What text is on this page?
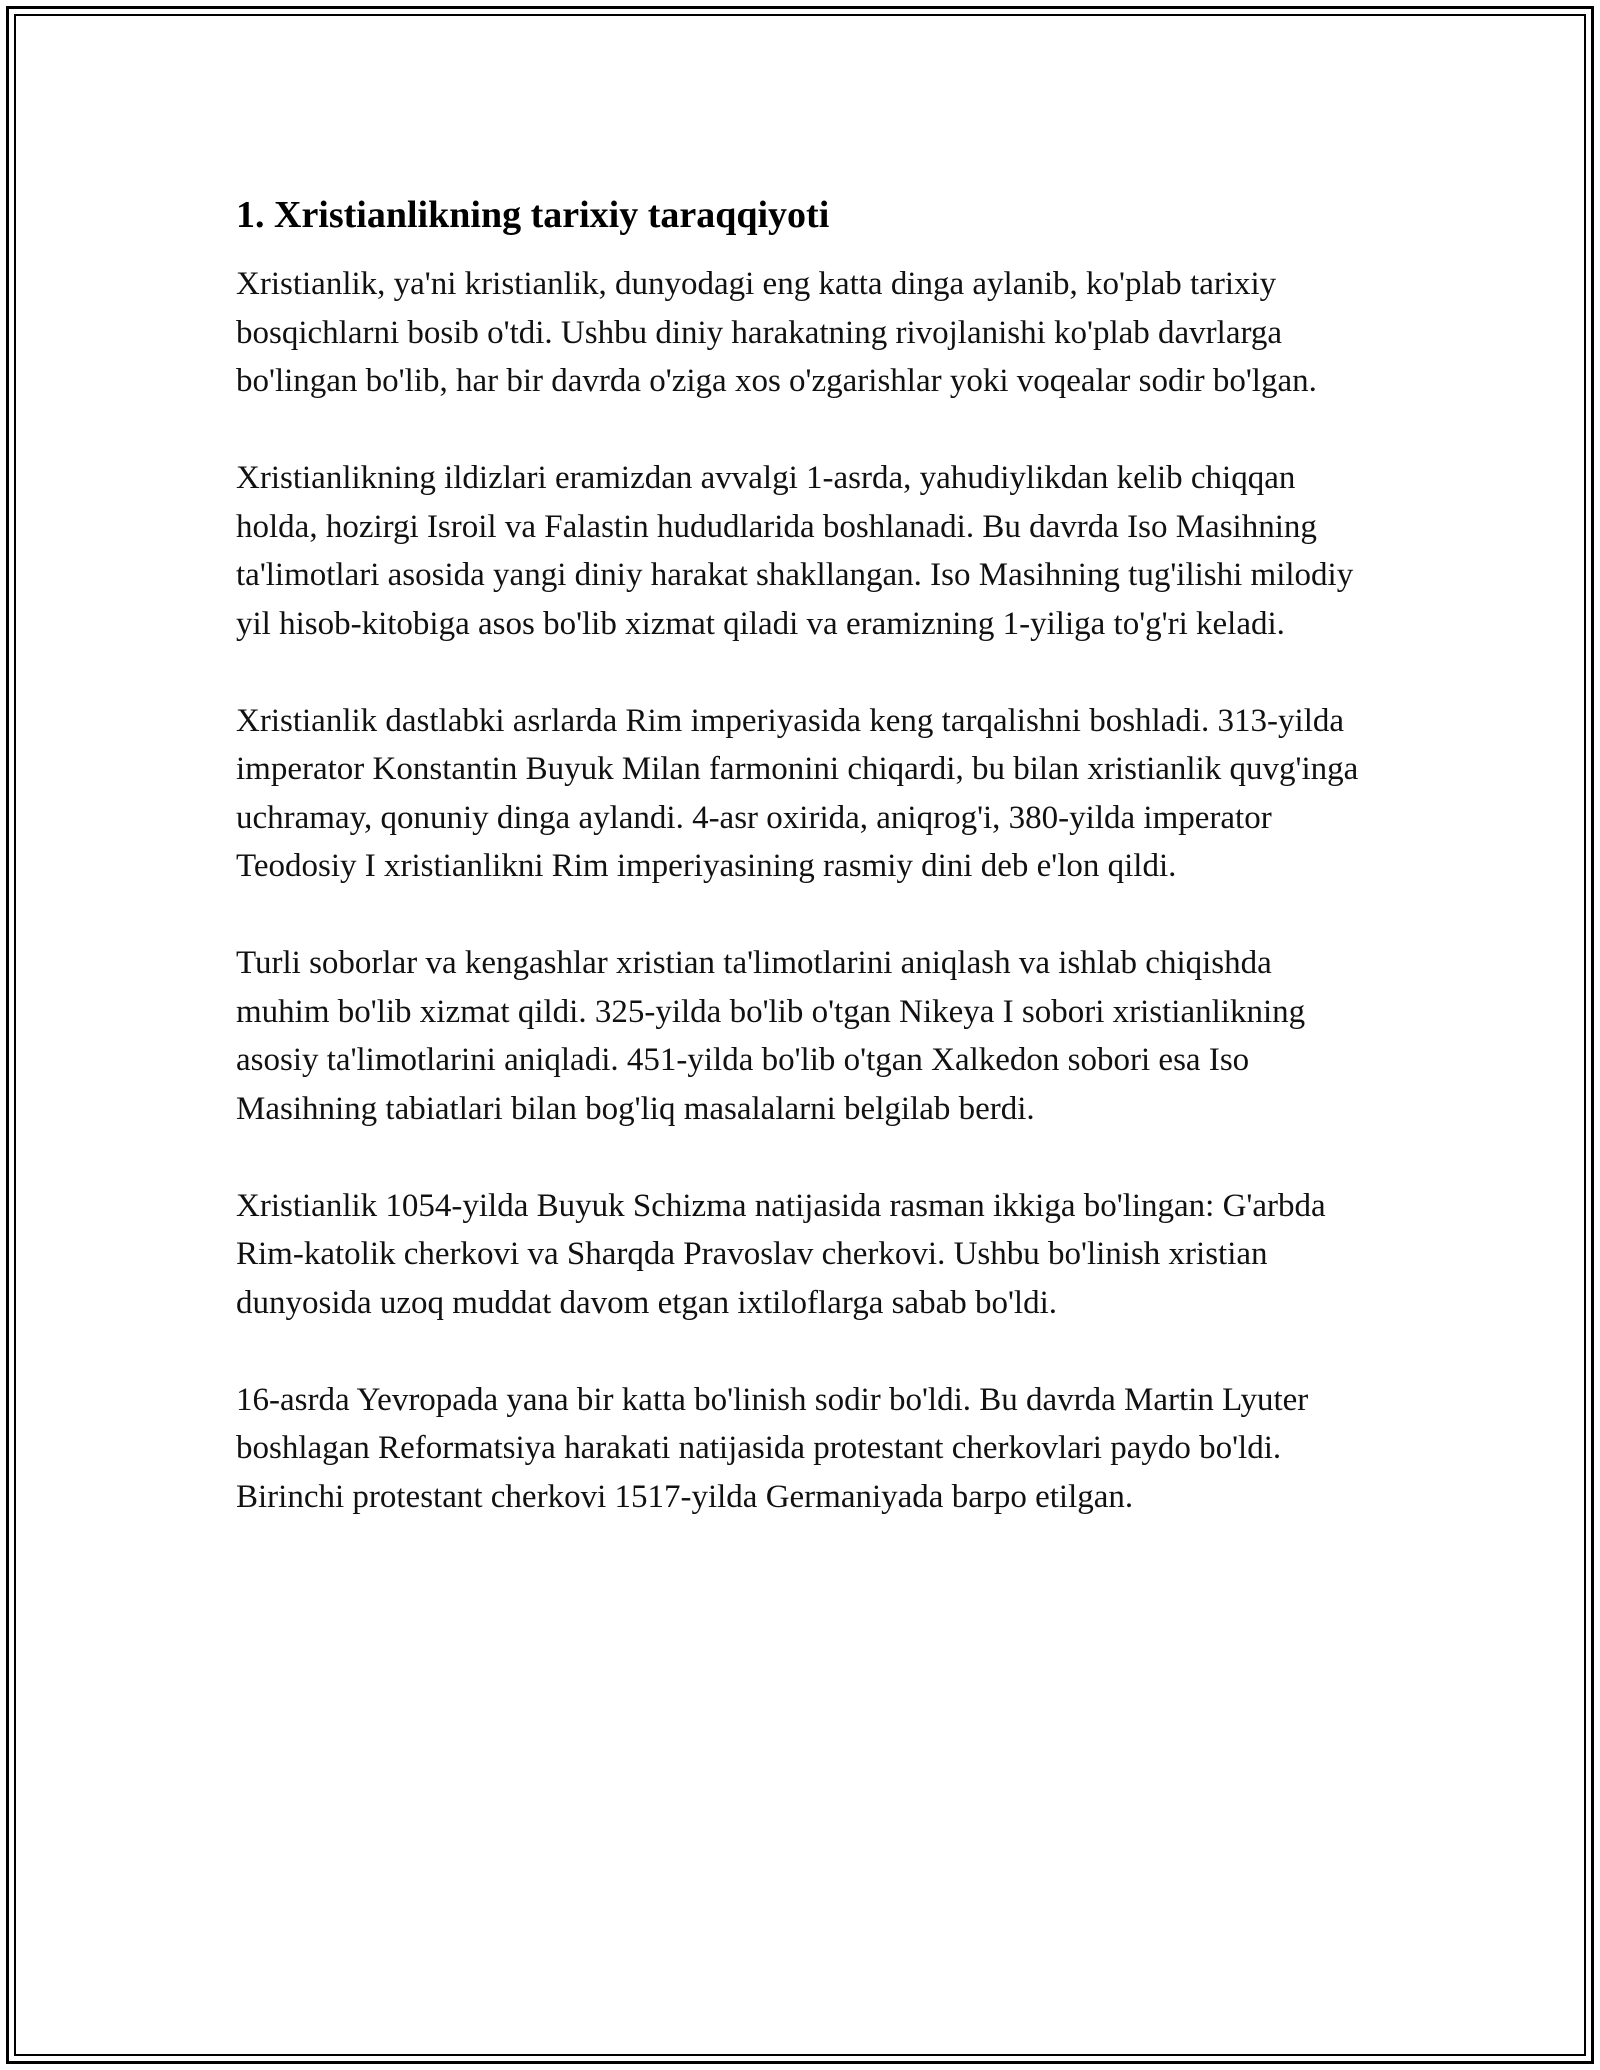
1. Xristianlikning tarixiy taraqqiyoti

Xristianlik, ya'ni kristianlik, dunyodagi eng katta dinga aylanib, ko'plab tarixiy bosqichlarni bosib o'tdi. Ushbu diniy harakatning rivojlanishi ko'plab davrlarga bo'lingan bo'lib, har bir davrda o'ziga xos o'zgarishlar yoki voqealar sodir bo'lgan.

Xristianlikning ildizlari eramizdan avvalgi 1-asrda, yahudiylikdan kelib chiqqan holda, hozirgi Isroil va Falastin hududlarida boshlanadi. Bu davrda Iso Masihning ta'limotlari asosida yangi diniy harakat shakllangan. Iso Masihning tug'ilishi milodiy yil hisob-kitobiga asos bo'lib xizmat qiladi va eramizning 1-yiliga to'g'ri keladi.

Xristianlik dastlabki asrlarda Rim imperiyasida keng tarqalishni boshladi. 313-yilda imperator Konstantin Buyuk Milan farmonini chiqardi, bu bilan xristianlik quvg'inga uchramay, qonuniy dinga aylandi. 4-asr oxirida, aniqrog'i, 380-yilda imperator Teodosiy I xristianlikni Rim imperiyasining rasmiy dini deb e'lon qildi.

Turli soborlar va kengashlar xristian ta'limotlarini aniqlash va ishlab chiqishda muhim bo'lib xizmat qildi. 325-yilda bo'lib o'tgan Nikeya I sobori xristianlikning asosiy ta'limotlarini aniqladi. 451-yilda bo'lib o'tgan Xalkedon sobori esa Iso Masihning tabiatlari bilan bog'liq masalalarni belgilab berdi.

Xristianlik 1054-yilda Buyuk Schizma natijasida rasman ikkiga bo'lingan: G'arbda Rim-katolik cherkovi va Sharqda Pravoslav cherkovi. Ushbu bo'linish xristian dunyosida uzoq muddat davom etgan ixtiloflarga sabab bo'ldi.

16-asrda Yevropada yana bir katta bo'linish sodir bo'ldi. Bu davrda Martin Lyuter boshlagan Reformatsiya harakati natijasida protestant cherkovlari paydo bo'ldi. Birinchi protestant cherkovi 1517-yilda Germaniyada barpo etilgan.
